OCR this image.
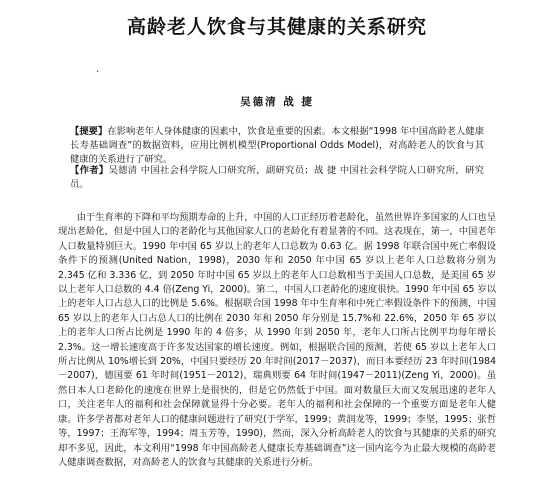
高龄老人饮食与其健康的关系研究
.
吴德清 战 捷
【提要】在影响老年人身体健康的因素中，饮食是重要的因素。本文根据“1998 年中国高龄老人健康长寿基础调查”的数据资料，应用比例机模型(Proportional Odds Model)，对高龄老人的饮食与其健康的关系进行了研究。
【作者】吴德清 中国社会科学院人口研究所，副研究员；战 捷 中国社会科学院人口研究所，研究员。

由于生育率的下降和平均预期寿命的上升，中国的人口正经历着老龄化，虽然世界许多国家的人口也呈现出老龄化，但是中国人口的老龄化与其他国家人口的老龄化有着显著的不同。这表现在，第一，中国老年人口数量特别巨大。1990 年中国 65 岁以上的老年人口总数为 0.63 亿。据 1998 年联合国中死亡率假设条件下的预测(United Nation，1998)，2030 年和 2050 年中国 65 岁以上老年人口总数将分别为 2.345 亿和 3.336 亿，到 2050 年时中国 65 岁以上的老年人口总数相当于美国人口总数，是美国 65 岁以上老年人口总数的 4.4 倍(Zeng Yi，2000)。第二，中国人口老龄化的速度很快。1990 年中国 65 岁以上的老年人口占总人口的比例是 5.6%。根据联合国 1998 年中生育率和中死亡率假设条件下的预测，中国 65 岁以上的老年人口占总人口的比例在 2030 年和 2050 年分别是 15.7%和 22.6%，2050 年 65 岁以上的老年人口所占比例是 1990 年的 4 倍多，从 1990 年到 2050 年，老年人口所占比例平均每年增长 2.3%。这一增长速度高于许多发达国家的增长速度。例如，根据联合国的预测，若使 65 岁以上老年人口所占比例从 10%增长到 20%，中国只要经历 20 年时间(2017－2037)，而日本要经历 23 年时间(1984－2007)，德国要 61 年时间(1951－2012)，瑞典则要 64 年时间(1947－2011)(Zeng Yi，2000)。虽然日本人口老龄化的速度在世界上是很快的，但是它仍然低于中国。面对数量巨大而又发展迅速的老年人口，关注老年人的福利和社会保障就显得十分必要。老年人的福利和社会保障的一个重要方面是老年人健康。许多学者都对老年人口的健康问题进行了研究(于学军，1999；黄润龙等，1999；李坚，1995；张哲等，1997；王海军等，1994；周玉芳等，1990)，然而，深入分析高龄老人的饮食与其健康的关系的研究却不多见，因此，本文利用“1998 年中国高龄老人健康长寿基础调查”这一国内迄今为止最大规模的高龄老人健康调查数据，对高龄老人的饮食与其健康的关系进行分析。
